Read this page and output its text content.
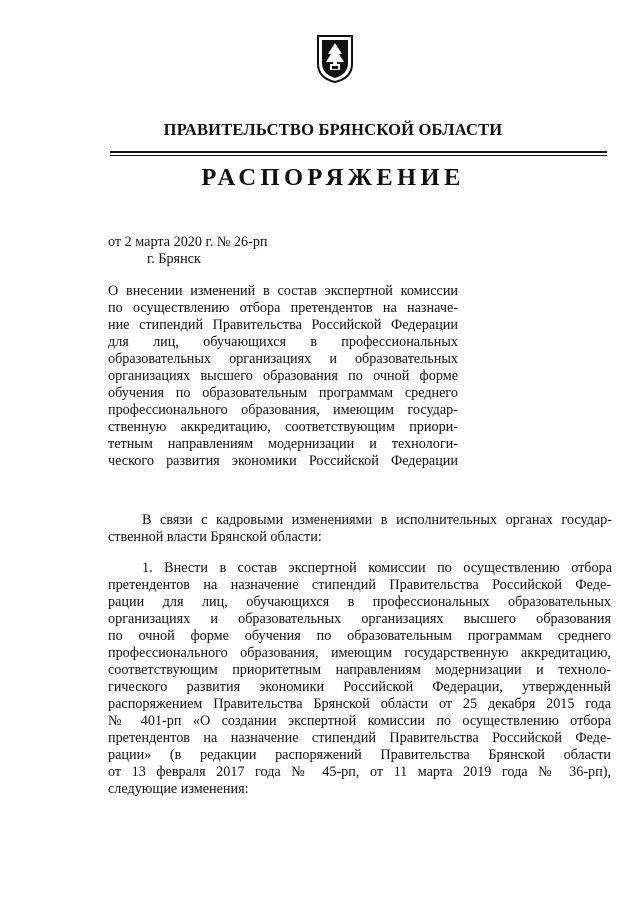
ПРАВИТЕЛЬСТВО БРЯНСКОЙ ОБЛАСТИ
РАСПОРЯЖЕНИЕ
от 2 марта 2020 г. № 26-рп
г. Брянск
О внесении изменений в состав экспертной комиссии
по осуществлению отбора претендентов на назначе-
ние стипендий Правительства Российской Федерации
для лиц, обучающихся в профессиональных
образовательных организациях и образовательных
организациях высшего образования по очной форме
обучения по образовательным программам среднего
профессионального образования, имеющим государ-
ственную аккредитацию, соответствующим приори-
тетным направлениям модернизации и технологи-
ческого развития экономики Российской Федерации
В связи с кадровыми изменениями в исполнительных органах государ-
ственной власти Брянской области:
1. Внести в состав экспертной комиссии по осуществлению отбора
претендентов на назначение стипендий Правительства Российской Феде-
рации для лиц, обучающихся в профессиональных образовательных
организациях и образовательных организациях высшего образования
по очной форме обучения по образовательным программам среднего
профессионального образования, имеющим государственную аккредитацию,
соответствующим приоритетным направлениям модернизации и техноло-
гического развития экономики Российской Федерации, утвержденный
распоряжением Правительства Брянской области от 25 декабря 2015 года
№ 401-рп «О создании экспертной комиссии по осуществлению отбора
претендентов на назначение стипендий Правительства Российской Феде-
рации» (в редакции распоряжений Правительства Брянской области
от 13 февраля 2017 года № 45-рп, от 11 марта 2019 года № 36-рп),
следующие изменения:
